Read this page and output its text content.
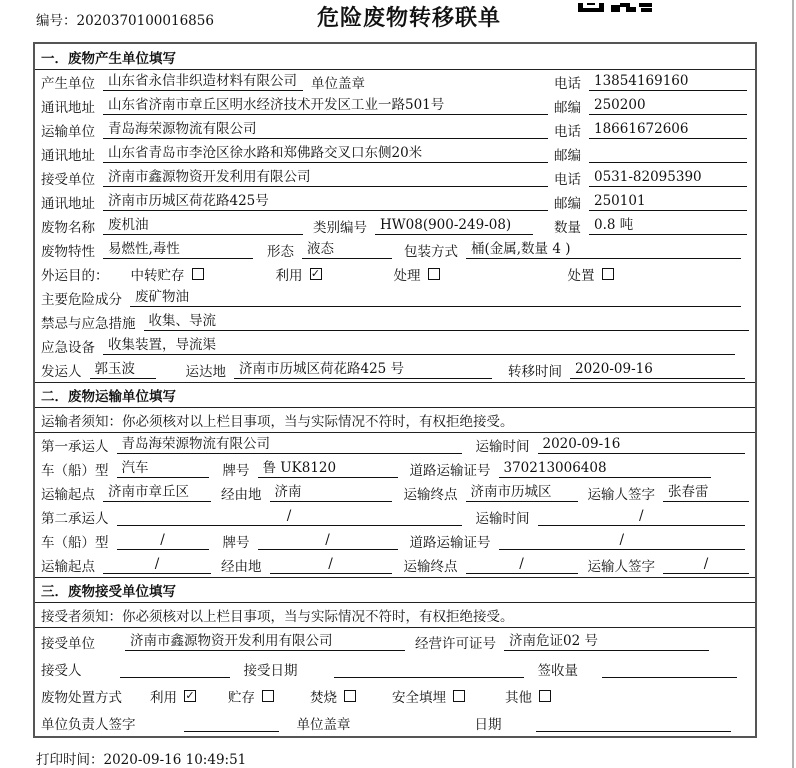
编号：2020370100016856	危险废物转移联单
一．废物产生单位填写
产生单位 山东省永信非织造材料有限公司	单位盖章	电话 13854169160
通讯地址 山东省济南市章丘区明水经济技术开发区工业一路501号	邮编 250200
运输单位 青岛海荣源物流有限公司	电话 18661672606
通讯地址 山东省青岛市李沧区徐水路和郑佛路交叉口东侧20米	邮编
接受单位 济南市鑫源物资开发利用有限公司	电话 0531-82095390
通讯地址 济南市历城区荷花路425号	邮编 250101
废物名称 废机油	类别编号 HW08(900-249-08)	数量 0.8 吨
废物特性 易燃性,毒性	形态 液态	包装方式 桶(金属,数量 4 )
外运目的： 中转贮存	利用 ✓	处理	处置
主要危险成分 废矿物油
禁忌与应急措施 收集、导流
应急设备 收集装置，导流渠
发运人 郭玉波	运达地 济南市历城区荷花路425 号	转移时间 2020-09-16
二．废物运输单位填写
运输者须知：你必须核对以上栏目事项，当与实际情况不符时，有权拒绝接受。
第一承运人 青岛海荣源物流有限公司	运输时间 2020-09-16
车（船）型 汽车	牌号 鲁 UK8120	道路运输证号 370213006408
运输起点 济南市章丘区	经由地 济南	运输终点 济南市历城区	运输人签字 张春雷
第二承运人	/	运输时间	/
车（船）型	/	牌号	/	道路运输证号	/
运输起点	/	经由地	/	运输终点	/	运输人签字	/
三．废物接受单位填写
接受者须知：你必须核对以上栏目事项，当与实际情况不符时，有权拒绝接受。
接受单位	济南市鑫源物资开发利用有限公司	经营许可证号 济南危证02 号
接受人	接受日期	签收量
废物处置方式 利用 ✓ 贮存	焚烧	安全填埋	其他
单位负责人签字	单位盖章	日期
打印时间：2020-09-16 10:49:51
